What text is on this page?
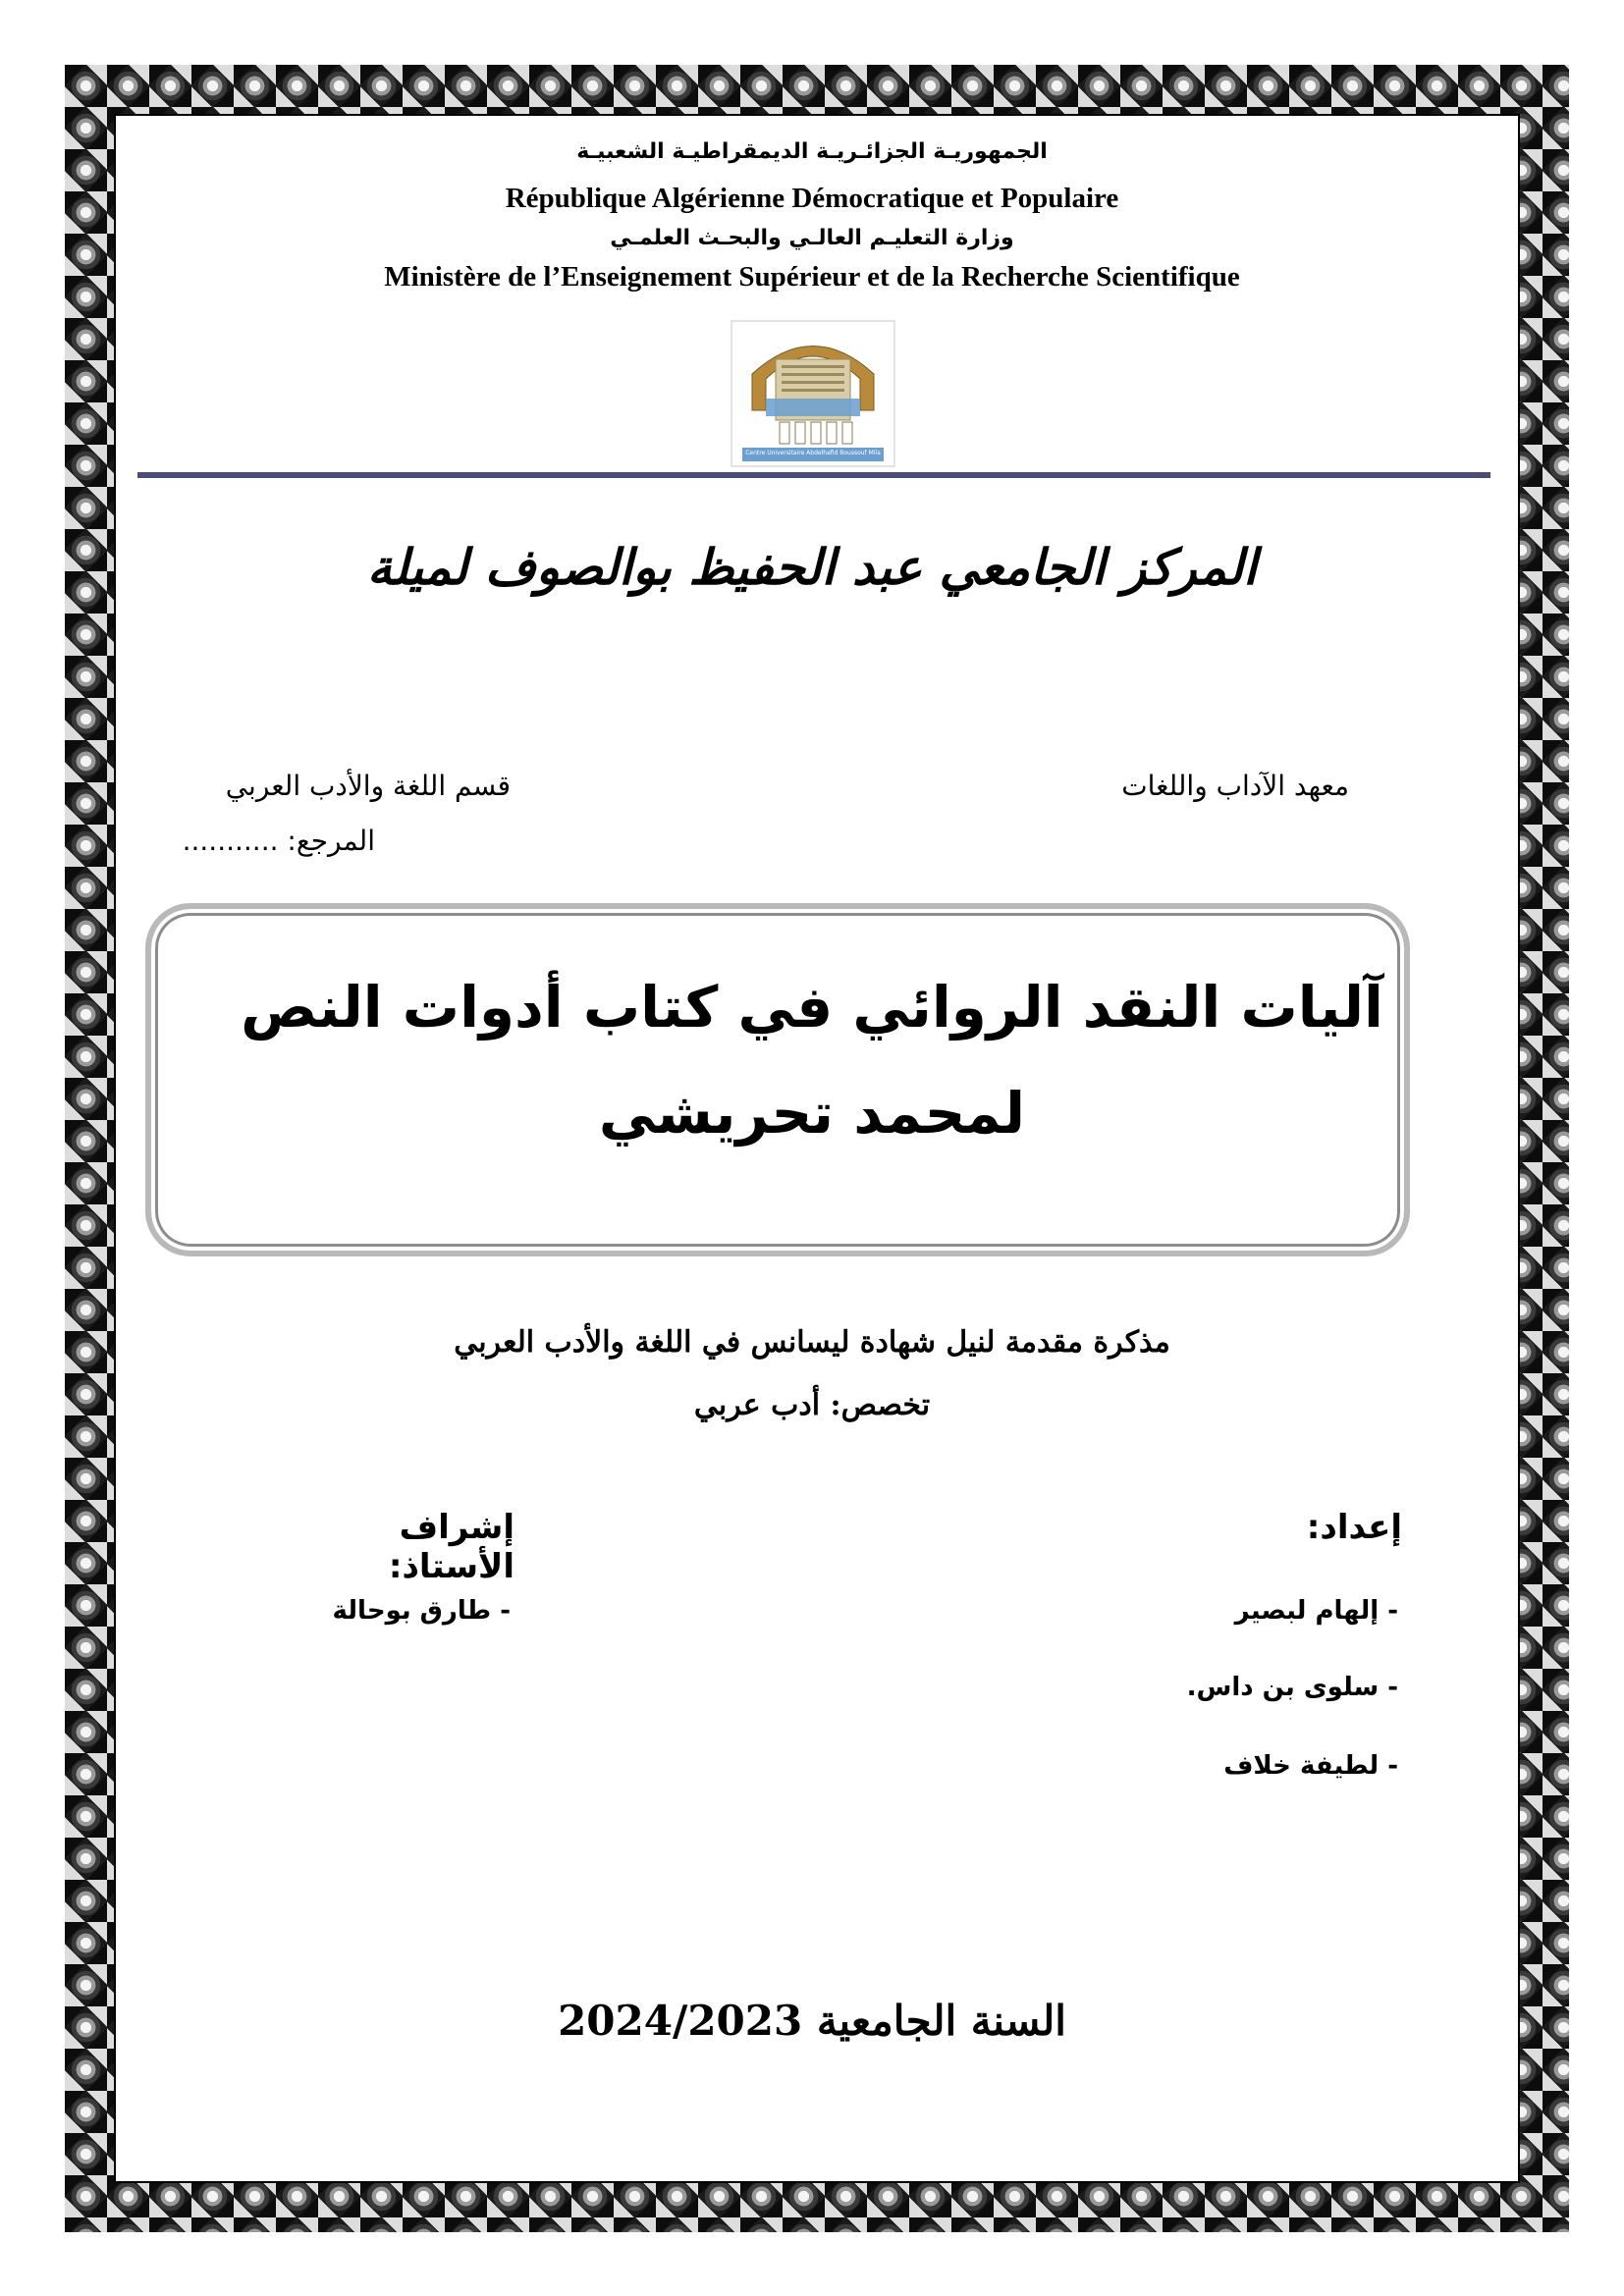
الجمهوريـة الجزائـريـة الديمقراطيـة الشعبيـة
République Algérienne Démocratique et Populaire
وزارة التعليـم العالـي والبحـث العلمـي
Ministère de l’Enseignement Supérieur et de la Recherche Scientifique
Centre Universitaire Abdelhafid Boussouf Mila
المركز الجامعي عبد الحفيظ بوالصوف لميلة
معهد الآداب واللغات
قسم اللغة والأدب العربي
المرجع: ...........
آليات النقد الروائي في كتاب أدوات النص
لمحمد تحريشي
مذكرة مقدمة لنيل شهادة ليسانس في اللغة والأدب العربي
تخصص: أدب عربي
إعداد:
إشراف الأستاذ:
- إلهام لبصير
- سلوى بن داس.
- لطيفة خلاف
- طارق بوحالة
السنة الجامعية 2024/2023
